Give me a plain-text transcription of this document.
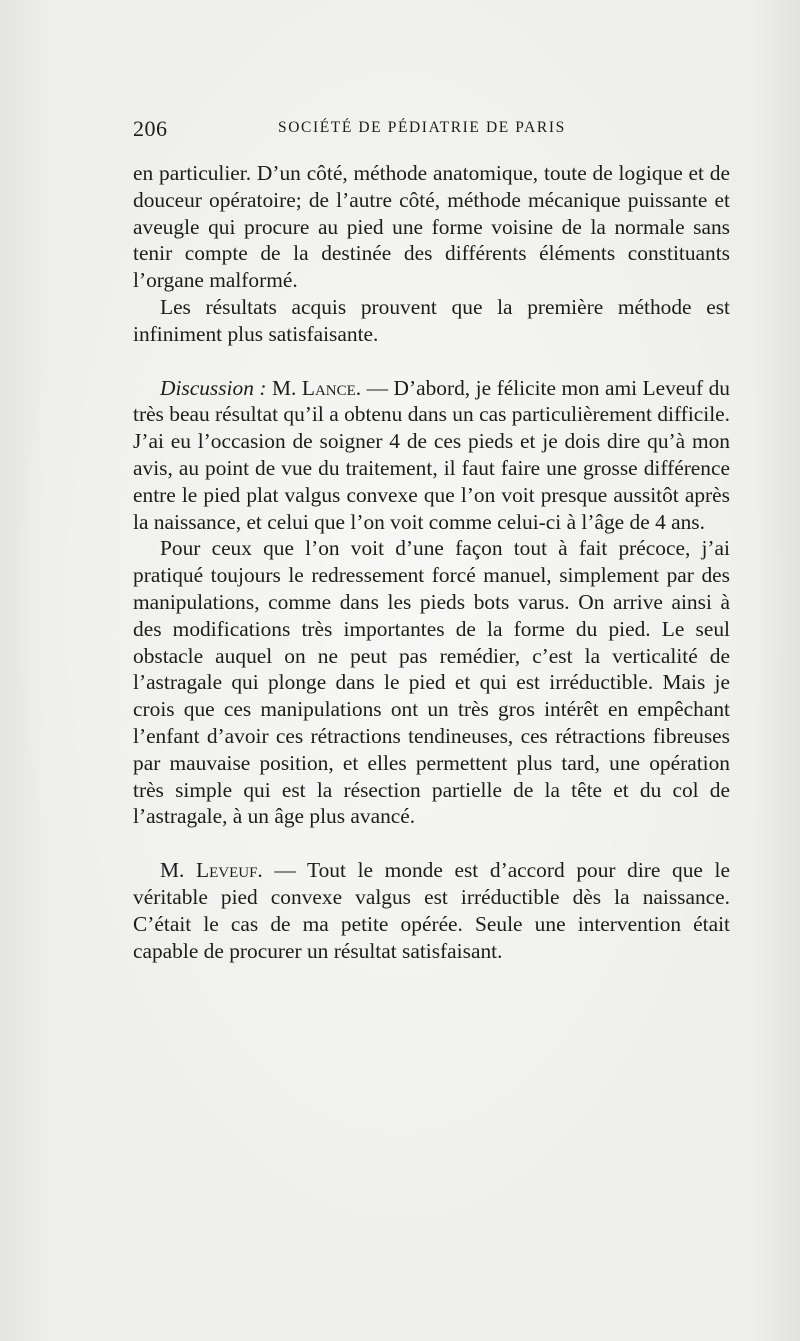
206	SOCIÉTÉ DE PÉDIATRIE DE PARIS

en particulier. D’un côté, méthode anatomique, toute de logique et de douceur opératoire; de l’autre côté, méthode mécanique puissante et aveugle qui procure au pied une forme voisine de la normale sans tenir compte de la destinée des différents éléments constituants l’organe malformé.

Les résultats acquis prouvent que la première méthode est infiniment plus satisfaisante.

Discussion : M. Lance. — D’abord, je félicite mon ami Leveuf du très beau résultat qu’il a obtenu dans un cas particulièrement difficile. J’ai eu l’occasion de soigner 4 de ces pieds et je dois dire qu’à mon avis, au point de vue du traitement, il faut faire une grosse différence entre le pied plat valgus convexe que l’on voit presque aussitôt après la naissance, et celui que l’on voit comme celui-ci à l’âge de 4 ans.

Pour ceux que l’on voit d’une façon tout à fait précoce, j’ai pratiqué toujours le redressement forcé manuel, simplement par des manipulations, comme dans les pieds bots varus. On arrive ainsi à des modifications très importantes de la forme du pied. Le seul obstacle auquel on ne peut pas remédier, c’est la verticalité de l’astragale qui plonge dans le pied et qui est irréductible. Mais je crois que ces manipulations ont un très gros intérêt en empêchant l’enfant d’avoir ces rétractions tendineuses, ces rétractions fibreuses par mauvaise position, et elles permettent plus tard, une opération très simple qui est la résection partielle de la tête et du col de l’astragale, à un âge plus avancé.

M. Leveuf. — Tout le monde est d’accord pour dire que le véritable pied convexe valgus est irréductible dès la naissance. C’était le cas de ma petite opérée. Seule une intervention était capable de procurer un résultat satisfaisant.
